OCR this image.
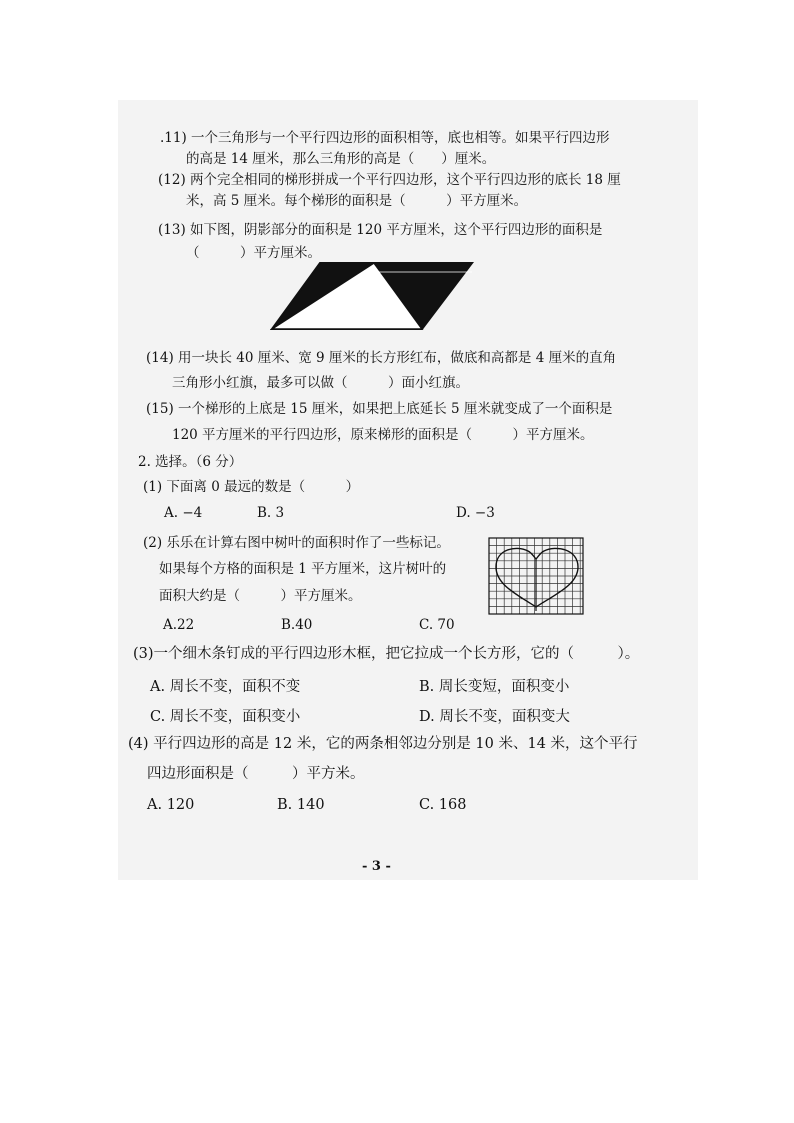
.11) 一个三角形与一个平行四边形的面积相等，底也相等。如果平行四边形
的高是 14 厘米，那么三角形的高是（　　）厘米。
(12) 两个完全相同的梯形拼成一个平行四边形，这个平行四边形的底长 18 厘
米，高 5 厘米。每个梯形的面积是（　　　）平方厘米。
(13) 如下图，阴影部分的面积是 120 平方厘米，这个平行四边形的面积是
（　　　）平方厘米。
(14) 用一块长 40 厘米、宽 9 厘米的长方形红布，做底和高都是 4 厘米的直角
三角形小红旗，最多可以做（　　　）面小红旗。
(15) 一个梯形的上底是 15 厘米，如果把上底延长 5 厘米就变成了一个面积是
120 平方厘米的平行四边形，原来梯形的面积是（　　　）平方厘米。
2. 选择。（6 分）
(1) 下面离 0 最远的数是（　　　）
A. −4	B. 3	D. −3
(2) 乐乐在计算右图中树叶的面积时作了一些标记。
如果每个方格的面积是 1 平方厘米，这片树叶的
面积大约是（　　　）平方厘米。
A.22	B.40	C. 70
(3)一个细木条钉成的平行四边形木框，把它拉成一个长方形，它的（　　　）。
A. 周长不变，面积不变	B. 周长变短，面积变小
C. 周长不变，面积变小	D. 周长不变，面积变大
(4) 平行四边形的高是 12 米，它的两条相邻边分别是 10 米、14 米，这个平行
四边形面积是（　　　）平方米。
A. 120	B. 140	C. 168
- 3 -
